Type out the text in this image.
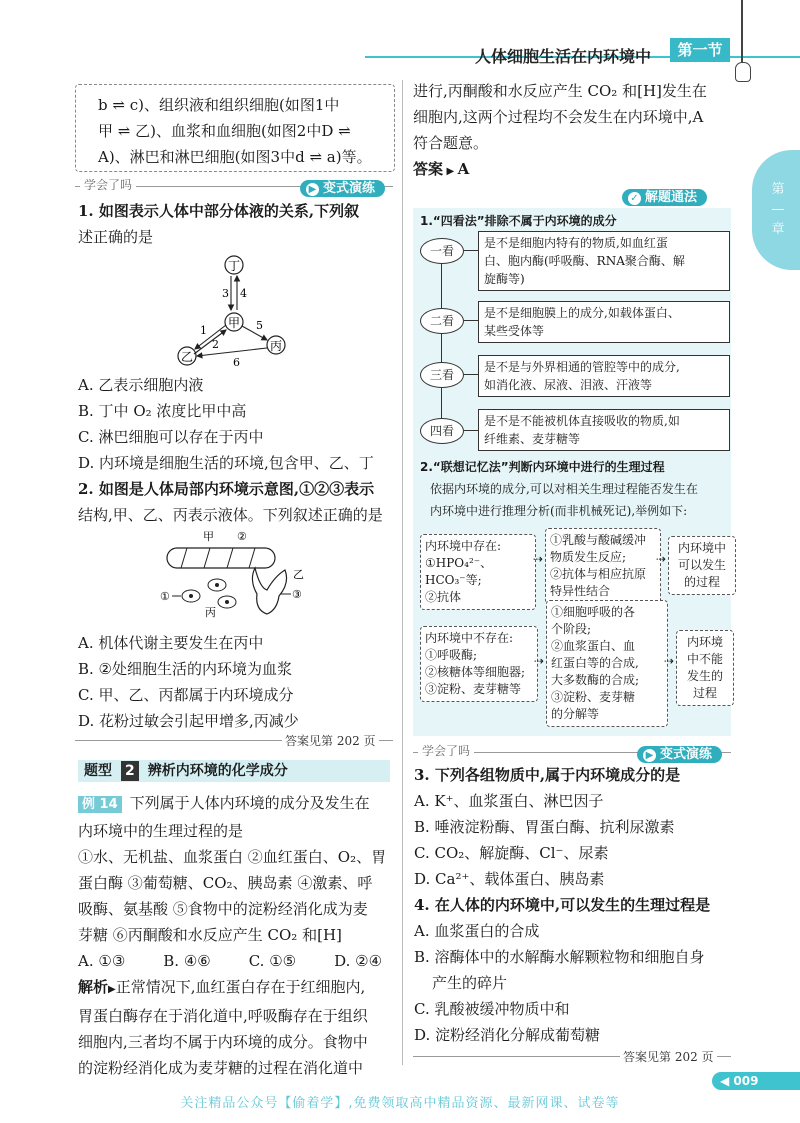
人体细胞生活在内环境中	第一节
第
—
章
b ⇌ c)、组织液和组织细胞(如图1中
甲 ⇌ 乙)、血浆和血细胞(如图2中D ⇌
A)、淋巴和淋巴细胞(如图3中d ⇌ a)等。
学会了吗	▶ 变式演练
1. 如图表示人体中部分体液的关系,下列叙
述正确的是
丁
甲
乙
丙
3 4
1
2
5
6
A. 乙表示细胞内液
B. 丁中 O₂ 浓度比甲中高
C. 淋巴细胞可以存在于丙中
D. 内环境是细胞生活的环境,包含甲、乙、丁
2. 如图是人体局部内环境示意图,①②③表示
结构,甲、乙、丙表示液体。下列叙述正确的是
甲 ②
乙
①
丙
③
A. 机体代谢主要发生在丙中
B. ②处细胞生活的内环境为血浆
C. 甲、乙、丙都属于内环境成分
D. 花粉过敏会引起甲增多,丙减少
答案见第 202 页
题型 2 辨析内环境的化学成分
例 14 下列属于人体内环境的成分及发生在
内环境中的生理过程的是
①水、无机盐、血浆蛋白 ②血红蛋白、O₂、胃
蛋白酶 ③葡萄糖、CO₂、胰岛素 ④激素、呼
吸酶、氨基酸 ⑤食物中的淀粉经消化成为麦
芽糖 ⑥丙酮酸和水反应产生 CO₂ 和[H]
A. ①③	B. ④⑥	C. ①⑤	D. ②④
解析▶正常情况下,血红蛋白存在于红细胞内,
胃蛋白酶存在于消化道中,呼吸酶存在于组织
细胞内,三者均不属于内环境的成分。食物中
的淀粉经消化成为麦芽糖的过程在消化道中
进行,丙酮酸和水反应产生 CO₂ 和[H]发生在
细胞内,这两个过程均不会发生在内环境中,A
符合题意。
答案 ▶ A
✓ 解题通法
1.“四看法”排除不属于内环境的成分
一看
是不是细胞内特有的物质,如血红蛋
白、胞内酶(呼吸酶、RNA聚合酶、解
旋酶等)
二看
是不是细胞膜上的成分,如载体蛋白、
某些受体等
三看
是不是与外界相通的管腔等中的成分,
如消化液、尿液、泪液、汗液等
四看
是不是不能被机体直接吸收的物质,如
纤维素、麦芽糖等
2.“联想记忆法”判断内环境中进行的生理过程
依据内环境的成分,可以对相关生理过程能否发生在
内环境中进行推理分析(而非机械死记),举例如下:
内环境中存在:
①HPO₄²⁻、HCO₃⁻等;
②抗体
⇢
①乳酸与酸碱缓冲
物质发生反应;
②抗体与相应抗原
特异性结合
⇢
内环境中
可以发生
的过程
内环境中不存在:
①呼吸酶;
②核糖体等细胞器;
③淀粉、麦芽糖等
⇢
①细胞呼吸的各
个阶段;
②血浆蛋白、血
红蛋白等的合成,
大多数酶的合成;
③淀粉、麦芽糖
的分解等
⇢
内环境
中不能
发生的
过程
学会了吗	▶ 变式演练
3. 下列各组物质中,属于内环境成分的是
A. K⁺、血浆蛋白、淋巴因子
B. 唾液淀粉酶、胃蛋白酶、抗利尿激素
C. CO₂、解旋酶、Cl⁻、尿素
D. Ca²⁺、载体蛋白、胰岛素
4. 在人体的内环境中,可以发生的生理过程是
A. 血浆蛋白的合成
B. 溶酶体中的水解酶水解颗粒物和细胞自身
产生的碎片
C. 乳酸被缓冲物质中和
D. 淀粉经消化分解成葡萄糖
答案见第 202 页
◀ 009
关注精品公众号【偷着学】,免费领取高中精品资源、最新网课、试卷等
